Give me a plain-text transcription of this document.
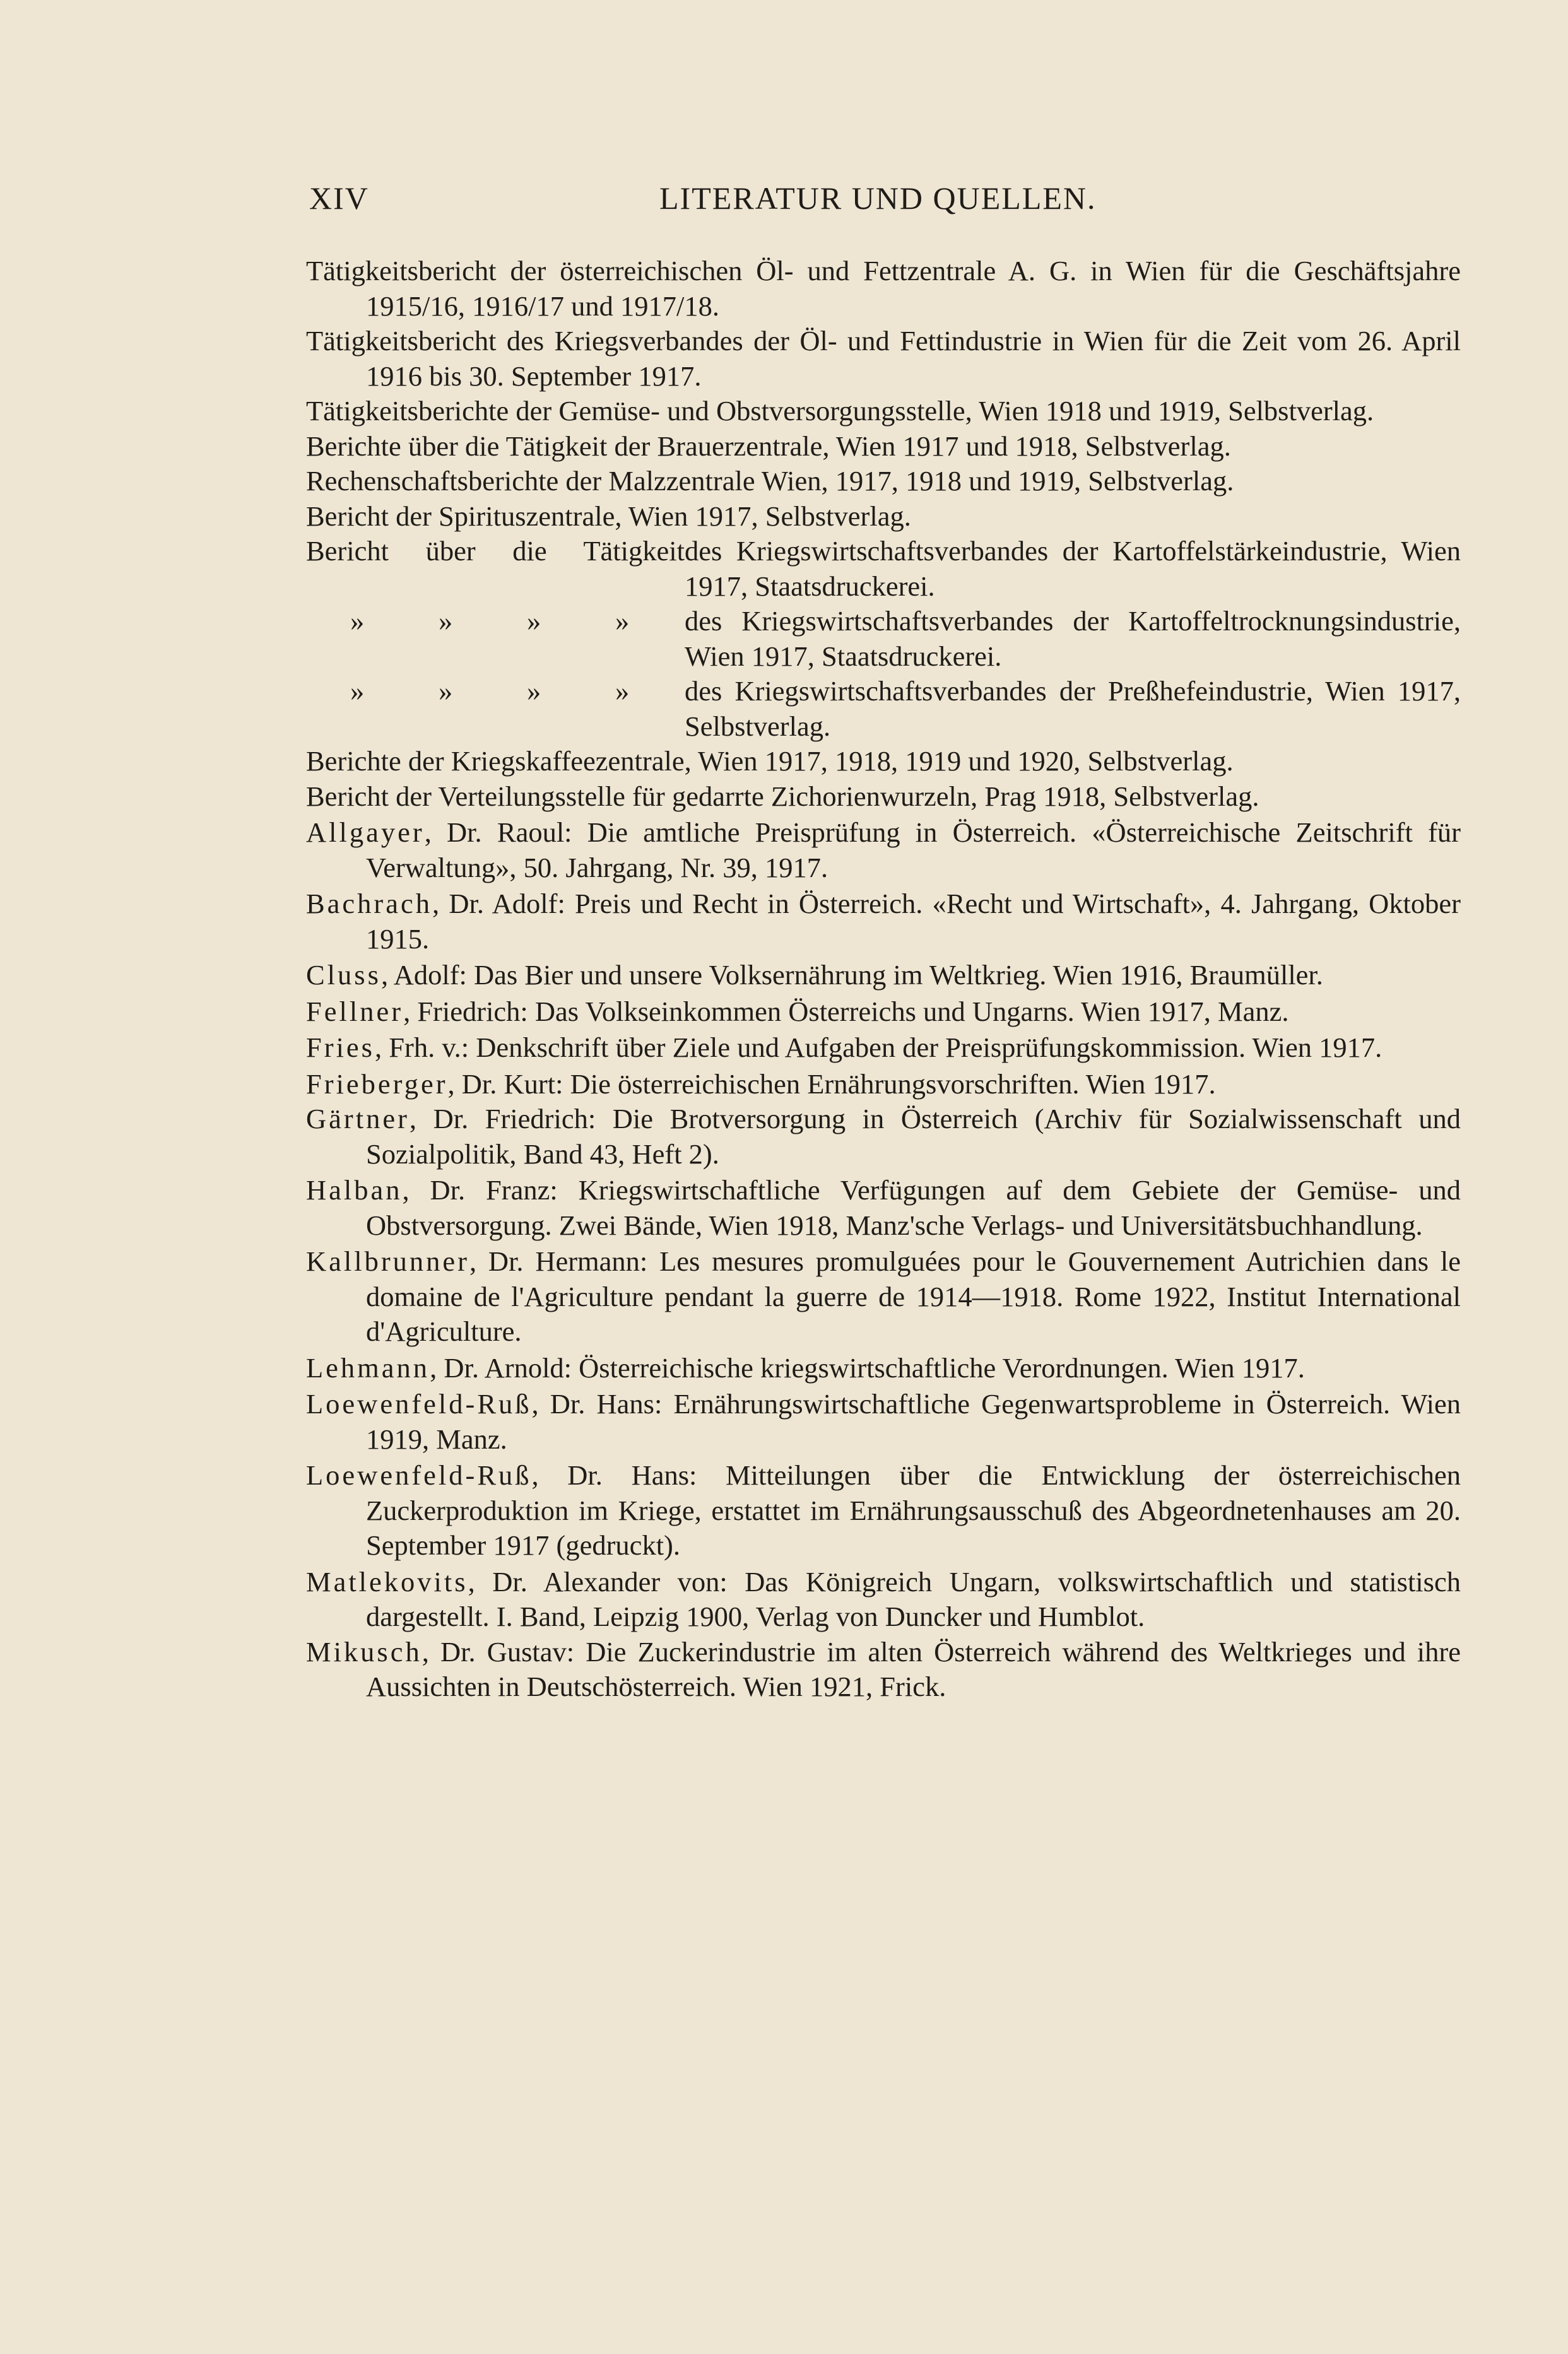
XIV	LITERATUR UND QUELLEN.
Tätigkeitsbericht der österreichischen Öl- und Fettzentrale A. G. in Wien für die Geschäftsjahre 1915/16, 1916/17 und 1917/18.
Tätigkeitsbericht des Kriegsverbandes der Öl- und Fettindustrie in Wien für die Zeit vom 26. April 1916 bis 30. September 1917.
Tätigkeitsberichte der Gemüse- und Obstversorgungsstelle, Wien 1918 und 1919, Selbstverlag.
Berichte über die Tätigkeit der Brauerzentrale, Wien 1917 und 1918, Selbstverlag.
Rechenschaftsberichte der Malzzentrale Wien, 1917, 1918 und 1919, Selbstverlag.
Bericht der Spirituszentrale, Wien 1917, Selbstverlag.
Bericht über die Tätigkeit des Kriegswirtschaftsverbandes der Kartoffelstärkeindustrie, Wien 1917, Staatsdruckerei.
»	»	»	»	des Kriegswirtschaftsverbandes der Kartoffeltrocknungsindustrie, Wien 1917, Staatsdruckerei.
»	»	»	»	des Kriegswirtschaftsverbandes der Preßhefeindustrie, Wien 1917, Selbstverlag.
Berichte der Kriegskaffeezentrale, Wien 1917, 1918, 1919 und 1920, Selbstverlag.
Bericht der Verteilungsstelle für gedarrte Zichorienwurzeln, Prag 1918, Selbstverlag.
Allgayer, Dr. Raoul: Die amtliche Preisprüfung in Österreich. «Österreichische Zeitschrift für Verwaltung», 50. Jahrgang, Nr. 39, 1917.
Bachrach, Dr. Adolf: Preis und Recht in Österreich. «Recht und Wirtschaft», 4. Jahrgang, Oktober 1915.
Cluss, Adolf: Das Bier und unsere Volksernährung im Weltkrieg. Wien 1916, Braumüller.
Fellner, Friedrich: Das Volkseinkommen Österreichs und Ungarns. Wien 1917, Manz.
Fries, Frh. v.: Denkschrift über Ziele und Aufgaben der Preisprüfungskommission. Wien 1917.
Frieberger, Dr. Kurt: Die österreichischen Ernährungsvorschriften. Wien 1917.
Gärtner, Dr. Friedrich: Die Brotversorgung in Österreich (Archiv für Sozialwissenschaft und Sozialpolitik, Band 43, Heft 2).
Halban, Dr. Franz: Kriegswirtschaftliche Verfügungen auf dem Gebiete der Gemüse- und Obstversorgung. Zwei Bände, Wien 1918, Manz'sche Verlags- und Universitätsbuchhandlung.
Kallbrunner, Dr. Hermann: Les mesures promulguées pour le Gouvernement Autrichien dans le domaine de l'Agriculture pendant la guerre de 1914—1918. Rome 1922, Institut International d'Agriculture.
Lehmann, Dr. Arnold: Österreichische kriegswirtschaftliche Verordnungen. Wien 1917.
Loewenfeld-Ruß, Dr. Hans: Ernährungswirtschaftliche Gegenwartsprobleme in Österreich. Wien 1919, Manz.
Loewenfeld-Ruß, Dr. Hans: Mitteilungen über die Entwicklung der österreichischen Zuckerproduktion im Kriege, erstattet im Ernährungsausschuß des Abgeordnetenhauses am 20. September 1917 (gedruckt).
Matlekovits, Dr. Alexander von: Das Königreich Ungarn, volkswirtschaftlich und statistisch dargestellt. I. Band, Leipzig 1900, Verlag von Duncker und Humblot.
Mikusch, Dr. Gustav: Die Zuckerindustrie im alten Österreich während des Weltkrieges und ihre Aussichten in Deutschösterreich. Wien 1921, Frick.
